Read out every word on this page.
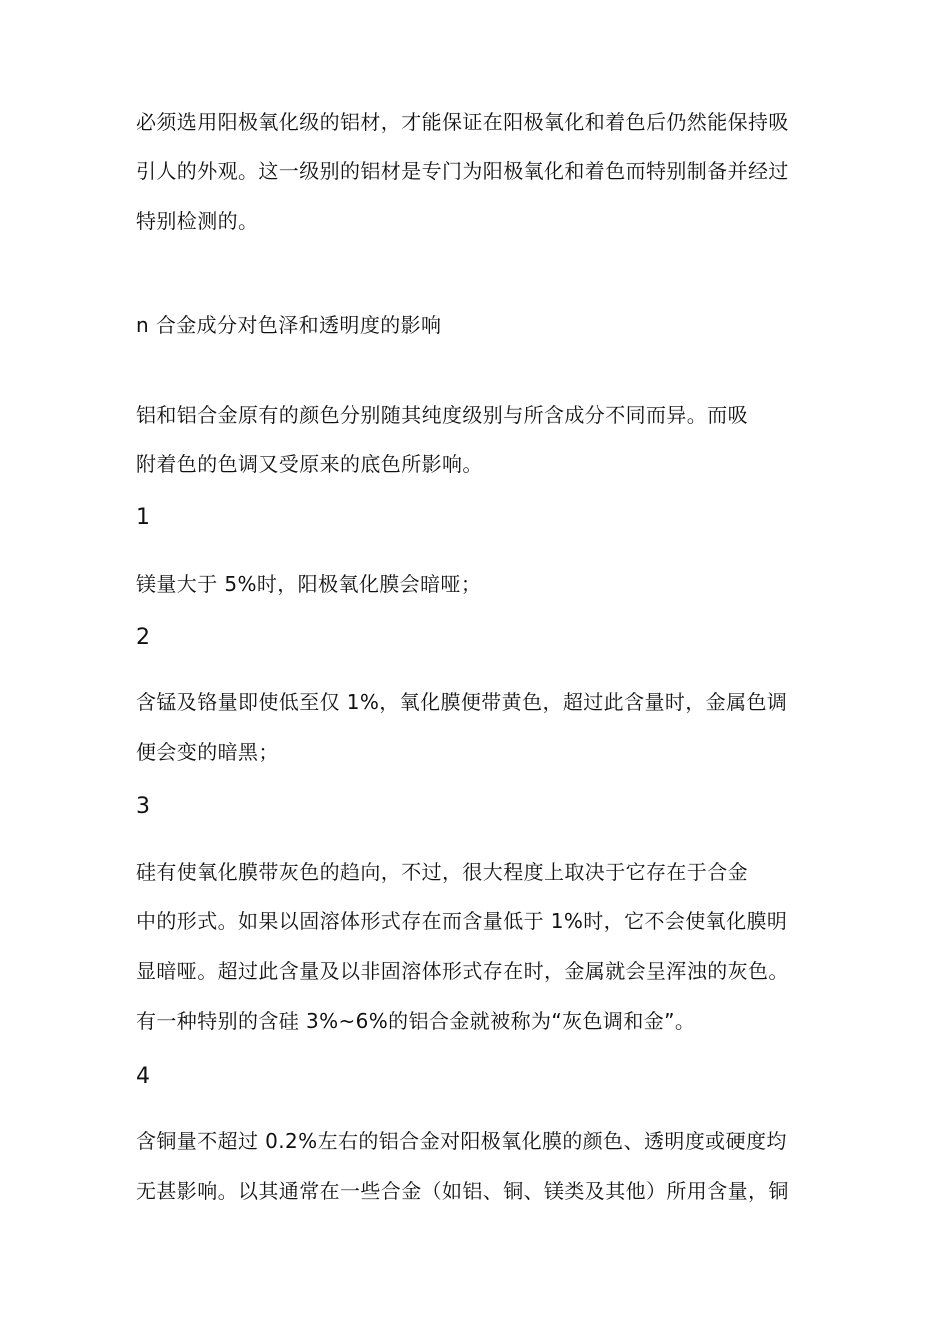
必须选用阳极氧化级的铝材，才能保证在阳极氧化和着色后仍然能保持吸
引人的外观。这一级别的铝材是专门为阳极氧化和着色而特别制备并经过
特别检测的。
n 合金成分对色泽和透明度的影响
铝和铝合金原有的颜色分别随其纯度级别与所含成分不同而异。而吸
附着色的色调又受原来的底色所影响。
1
镁量大于 5%时，阳极氧化膜会暗哑；
2
含锰及铬量即使低至仅 1%，氧化膜便带黄色，超过此含量时，金属色调
便会变的暗黑；
3
硅有使氧化膜带灰色的趋向，不过，很大程度上取决于它存在于合金
中的形式。如果以固溶体形式存在而含量低于 1%时，它不会使氧化膜明
显暗哑。超过此含量及以非固溶体形式存在时，金属就会呈浑浊的灰色。
有一种特别的含硅 3%~6%的铝合金就被称为“灰色调和金”。
4
含铜量不超过 0.2%左右的铝合金对阳极氧化膜的颜色、透明度或硬度均
无甚影响。以其通常在一些合金（如铝、铜、镁类及其他）所用含量，铜
